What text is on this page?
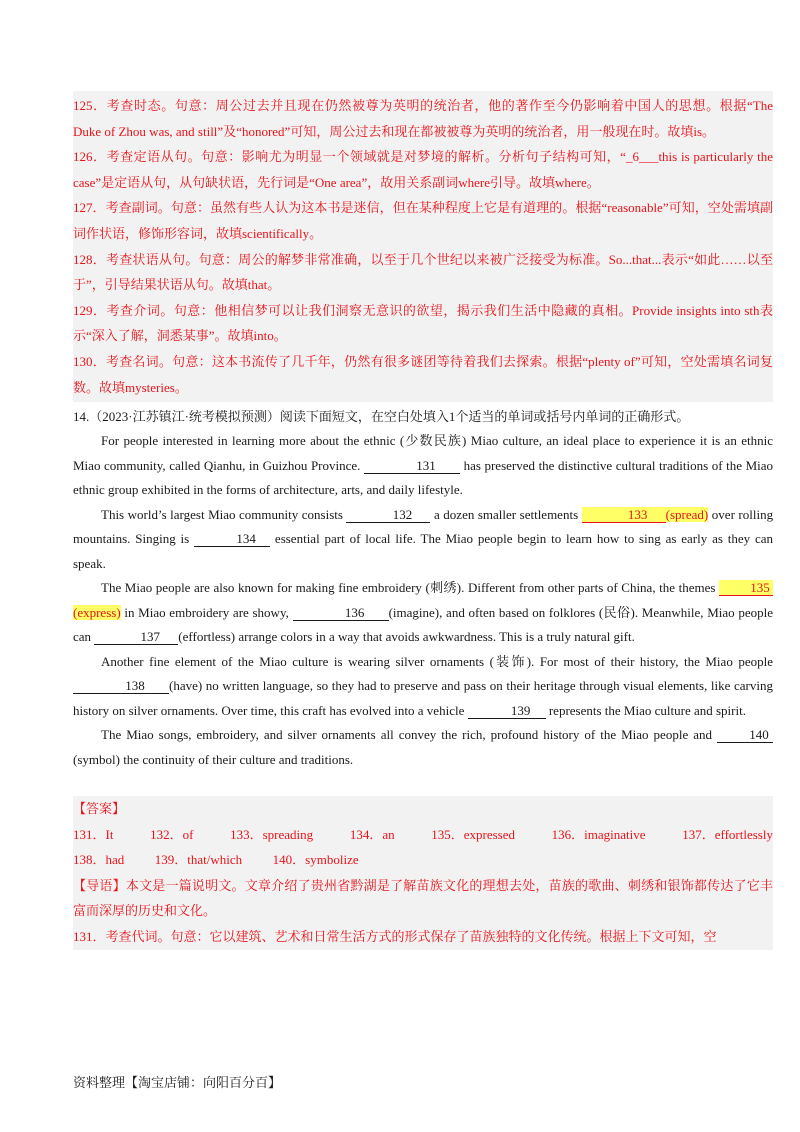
125．考查时态。句意：周公过去并且现在仍然被尊为英明的统治者，他的著作至今仍影响着中国人的思想。根据“The Duke of Zhou was, and still”及“honored”可知，周公过去和现在都被被尊为英明的统治者，用一般现在时。故填is。
126．考查定语从句。句意：影响尤为明显一个领域就是对梦境的解析。分析句子结构可知，“_6___this is particularly the case”是定语从句，从句缺状语，先行词是“One area”，故用关系副词where引导。故填where。
127．考查副词。句意：虽然有些人认为这本书是迷信，但在某种程度上它是有道理的。根据“reasonable”可知，空处需填副词作状语，修饰形容词，故填scientifically。
128．考查状语从句。句意：周公的解梦非常准确，以至于几个世纪以来被广泛接受为标准。So...that...表示“如此……以至于”，引导结果状语从句。故填that。
129．考查介词。句意：他相信梦可以让我们洞察无意识的欲望，揭示我们生活中隐藏的真相。Provide insights into sth表示“深入了解，洞悉某事”。故填into。
130．考查名词。句意：这本书流传了几千年，仍然有很多谜团等待着我们去探索。根据“plenty of”可知，空处需填名词复数。故填mysteries。
14.（2023·江苏镇江·统考模拟预测）阅读下面短文，在空白处填入1个适当的单词或括号内单词的正确形式。
For people interested in learning more about the ethnic (少数民族) Miao culture, an ideal place to experience it is an ethnic Miao community, called Qianhu, in Guizhou Province.	131 has preserved the distinctive cultural traditions of the Miao ethnic group exhibited in the forms of architecture, arts, and daily lifestyle.
This world’s largest Miao community consists	132 a dozen smaller settlements	133 (spread) over rolling mountains. Singing is	134 essential part of local life. The Miao people begin to learn how to sing as early as they can speak.
The Miao people are also known for making fine embroidery (刺绣). Different from other parts of China, the themes	135(express) in Miao embroidery are showy,	136 (imagine), and often based on folklores (民俗). Meanwhile, Miao people can	137 (effortless) arrange colors in a way that avoids awkwardness. This is a truly natural gift.
Another fine element of the Miao culture is wearing silver ornaments (装饰). For most of their history, the Miao people 138 (have) no written language, so they had to preserve and pass on their heritage through visual elements, like carving history on silver ornaments. Over time, this craft has evolved into a vehicle	139 represents the Miao culture and spirit.
The Miao songs, embroidery, and silver ornaments all convey the rich, profound history of the Miao people and	140(symbol) the continuity of their culture and traditions.
【答案】
131．It	132．of	133．spreading	134．an	135．expressed	136．imaginative	137．effortlessly
138．had 139．that/which 140．symbolize
【导语】本文是一篇说明文。文章介绍了贵州省黔湖是了解苗族文化的理想去处，苗族的歌曲、刺绣和银饰都传达了它丰富而深厚的历史和文化。
131．考查代词。句意：它以建筑、艺术和日常生活方式的形式保存了苗族独特的文化传统。根据上下文可知，空
资料整理【淘宝店铺：向阳百分百】
